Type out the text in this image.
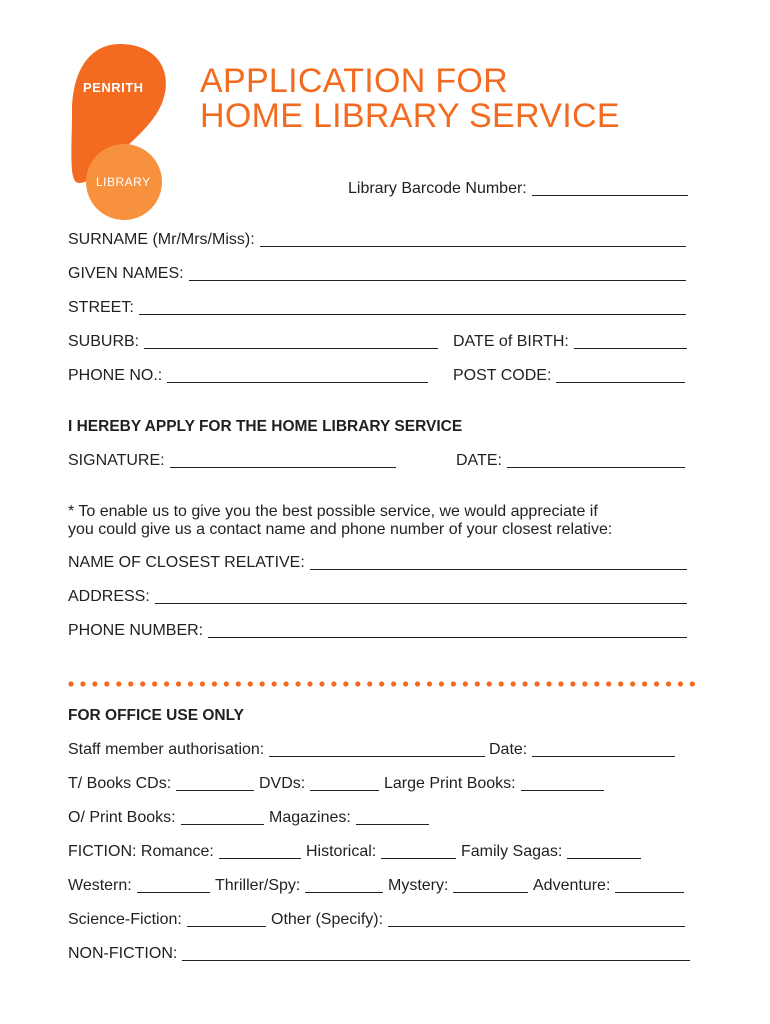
PENRITH
LIBRARY
APPLICATION FOR
HOME LIBRARY SERVICE
Library Barcode Number:
SURNAME (Mr/Mrs/Miss):
GIVEN NAMES:
STREET:
SUBURB:	DATE of BIRTH:
PHONE NO.:	POST CODE:
I HEREBY APPLY FOR THE HOME LIBRARY SERVICE
SIGNATURE:	DATE:
* To enable us to give you the best possible service, we would appreciate if
you could give us a contact name and phone number of your closest relative:
NAME OF CLOSEST RELATIVE:
ADDRESS:
PHONE NUMBER:
FOR OFFICE USE ONLY
Staff member authorisation:	Date:
T/ Books CDs:	DVDs:	Large Print Books:
O/ Print Books:	Magazines:
FICTION: Romance:	Historical:	Family Sagas:
Western:	Thriller/Spy:	Mystery:	Adventure:
Science-Fiction:	Other (Specify):
NON-FICTION:
